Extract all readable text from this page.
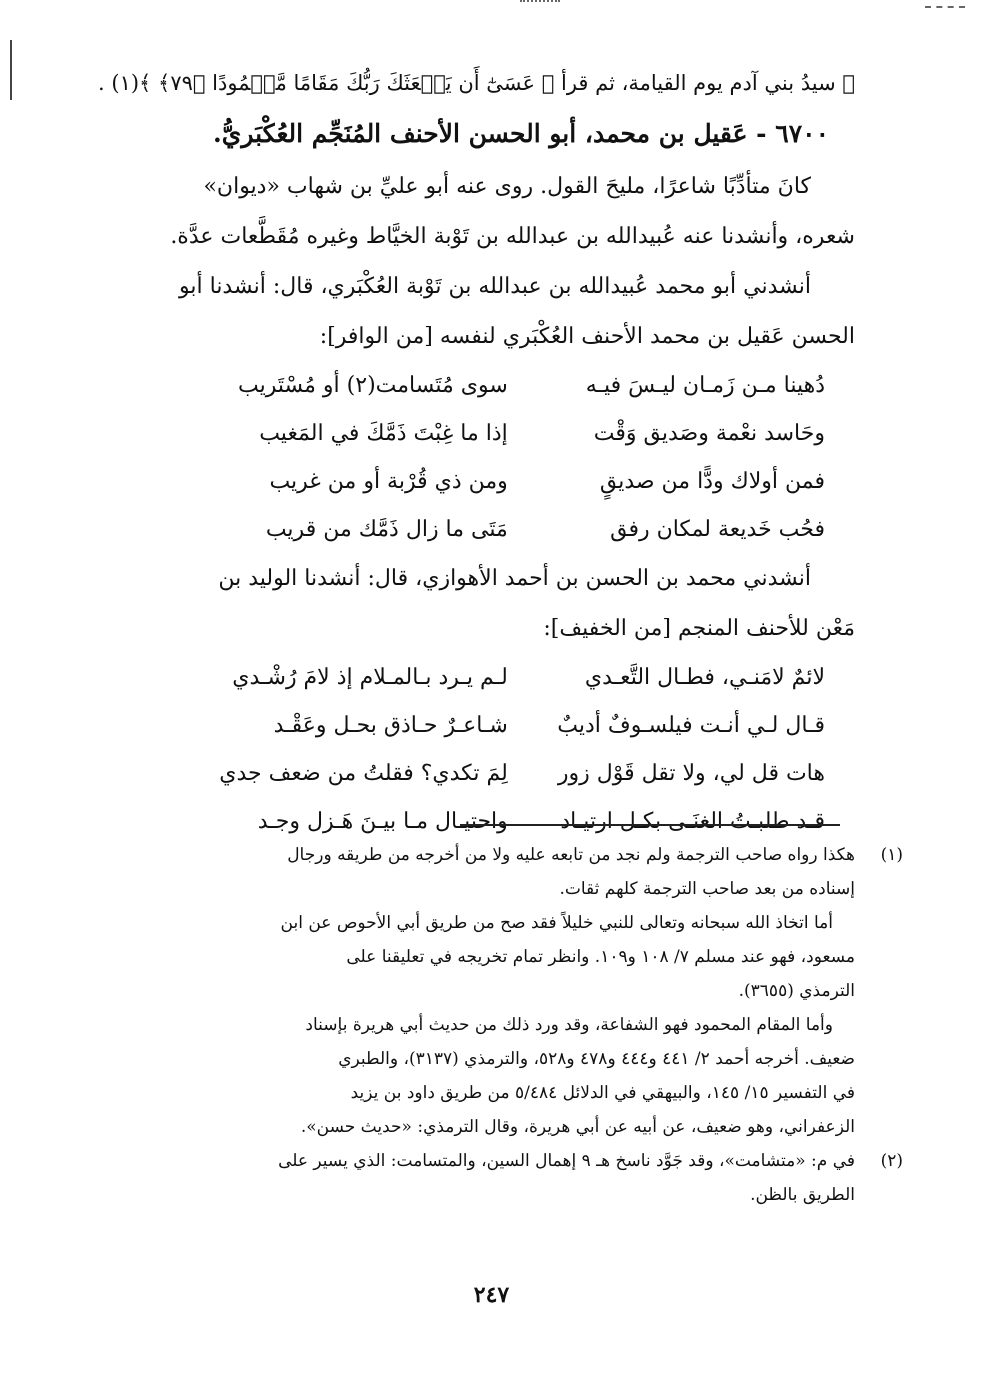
ﷺ سيدُ بني آدم يوم القيامة، ثم قرأ ﴿ عَسَىٰٓ أَن يَبۡعَثَكَ رَبُّكَ مَقَامًا مَّحۡمُودًا ﴿٧٩﴾ ﴾(١) .

٦٧٠٠ - عَقيل بن محمد، أبو الحسن الأحنف المُنَجِّم العُكْبَريُّ.

كانَ متأدِّبًا شاعرًا، مليحَ القول. روى عنه أبو عليِّ بن شهاب «ديوان»

شعره، وأنشدنا عنه عُبيدالله بن عبدالله بن تَوْبة الخيَّاط وغيره مُقَطَّعات عدَّة.

أنشدني أبو محمد عُبيدالله بن عبدالله بن تَوْبة العُكْبَري، قال: أنشدنا أبو

الحسن عَقيل بن محمد الأحنف العُكْبَري لنفسه [من الوافر]:

دُهينا مـن زَمـان ليـسَ فيـه
سوى مُتَسامت(٢) أو مُسْتَريب
وحَاسد نعْمة وصَديق وَقْت
إذا ما غِبْتَ ذَمَّكَ في المَغيب
فمن أولاك ودًّا من صديقٍ
ومن ذي قُرْبة أو من غريب
فحُب خَديعة لمكان رفق
مَتَى ما زال ذَمَّك من قريب

أنشدني محمد بن الحسن بن أحمد الأهوازي، قال: أنشدنا الوليد بن

مَعْن للأحنف المنجم [من الخفيف]:

لائمٌ لامَنـي، فطـال التَّعـدي
لـم يـرد بـالمـلام إذ لامَ رُشْـدي
قـال لـي أنـت فيلسـوفٌ أديبٌ
شـاعـرٌ حـاذق بحـل وعَقْـد
هات قل لي، ولا تقل قَوْل زور
لِمَ تكدي؟ فقلتُ من ضعف جدي
قـد طلبـتُ الغنَـى بكـل ارتيـاد
واحتيـال مـا بيـنَ هَـزل وجـد
(١)

هكذا رواه صاحب الترجمة ولم نجد من تابعه عليه ولا من أخرجه من طريقه ورجال

إسناده من بعد صاحب الترجمة كلهم ثقات.

أما اتخاذ الله سبحانه وتعالى للنبي خليلاً فقد صح من طريق أبي الأحوص عن ابن

مسعود، فهو عند مسلم ٧/ ١٠٨ و١٠٩. وانظر تمام تخريجه في تعليقنا على

الترمذي (٣٦٥٥).

وأما المقام المحمود فهو الشفاعة، وقد ورد ذلك من حديث أبي هريرة بإسناد

ضعيف. أخرجه أحمد ٢/ ٤٤١ و٤٤٤ و٤٧٨ و٥٢٨، والترمذي (٣١٣٧)، والطبري

في التفسير ١٥/ ١٤٥، والبيهقي في الدلائل ٥/٤٨٤ من طريق داود بن يزيد

الزعفراني، وهو ضعيف، عن أبيه عن أبي هريرة، وقال الترمذي: «حديث حسن».

(٢)

في م: «متشامت»، وقد جَوَّد ناسخ هـ ٩ إهمال السين، والمتسامت: الذي يسير على

الطريق بالظن.

٢٤٧
